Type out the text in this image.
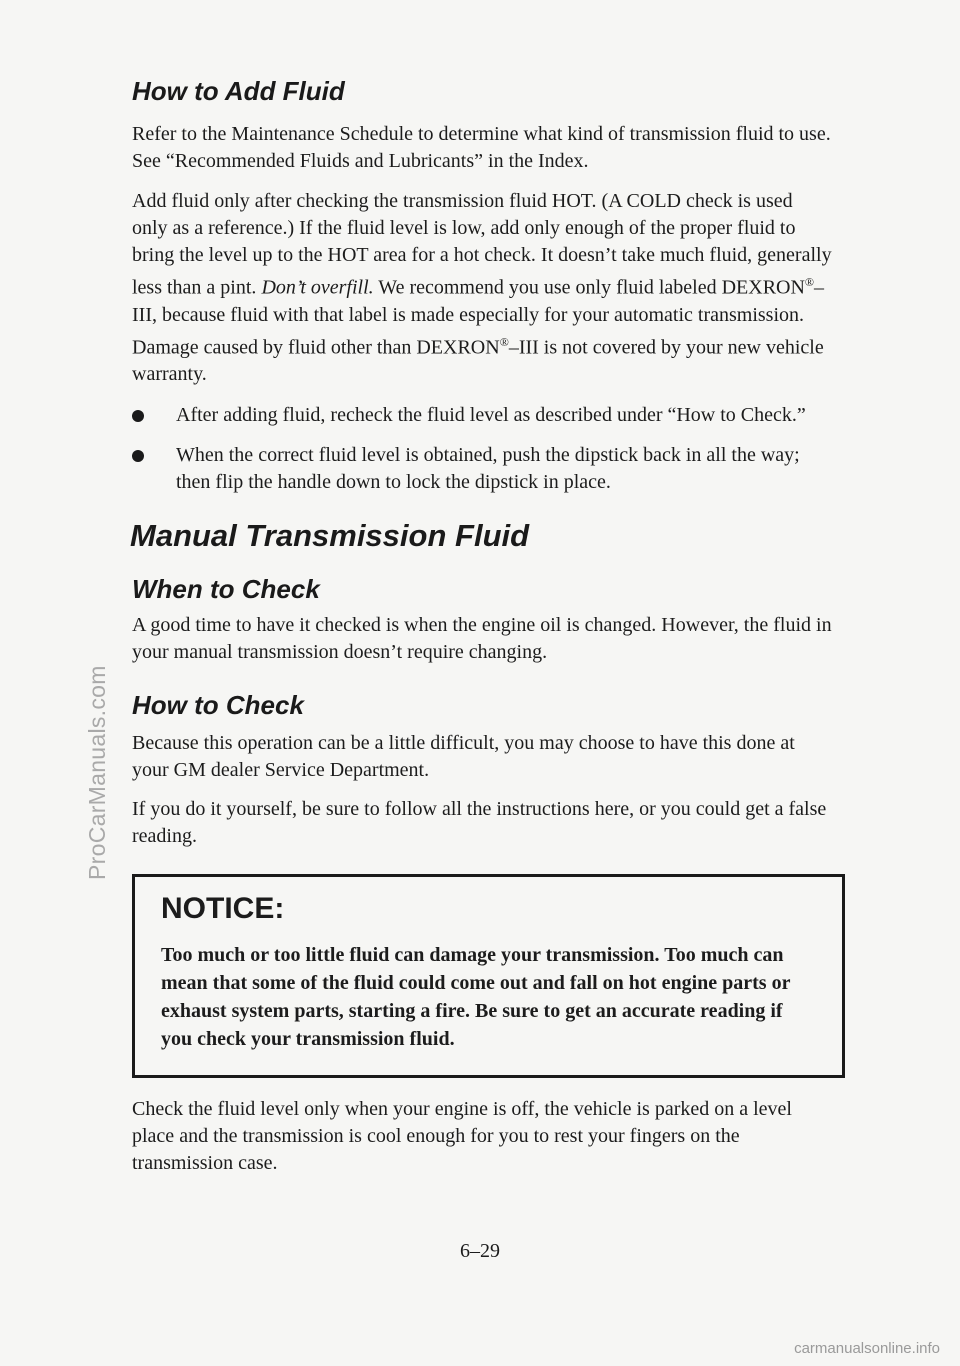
ProCarManuals.com
How to Add Fluid

Refer to the Maintenance Schedule to determine what kind of transmission fluid to use. See “Recommended Fluids and Lubricants” in the Index.

Add fluid only after checking the transmission fluid HOT. (A COLD check is used only as a reference.) If the fluid level is low, add only enough of the proper fluid to bring the level up to the HOT area for a hot check. It doesn’t take much fluid, generally less than a pint. Don’t overfill. We recommend you use only fluid labeled DEXRON®–III, because fluid with that label is made especially for your automatic transmission. Damage caused by fluid other than DEXRON®–III is not covered by your new vehicle warranty.

After adding fluid, recheck the fluid level as described under “How to Check.”
When the correct fluid level is obtained, push the dipstick back in all the way; then flip the handle down to lock the dipstick in place.
Manual Transmission Fluid
When to Check

A good time to have it checked is when the engine oil is changed. However, the fluid in your manual transmission doesn’t require changing.

How to Check

Because this operation can be a little difficult, you may choose to have this done at your GM dealer Service Department.

If you do it yourself, be sure to follow all the instructions here, or you could get a false reading.

NOTICE:
Too much or too little fluid can damage your transmission. Too much can mean that some of the fluid could come out and fall on hot engine parts or exhaust system parts, starting a fire. Be sure to get an accurate reading if you check your transmission fluid.

Check the fluid level only when your engine is off, the vehicle is parked on a level place and the transmission is cool enough for you to rest your fingers on the transmission case.

6–29
carmanualsonline.info
